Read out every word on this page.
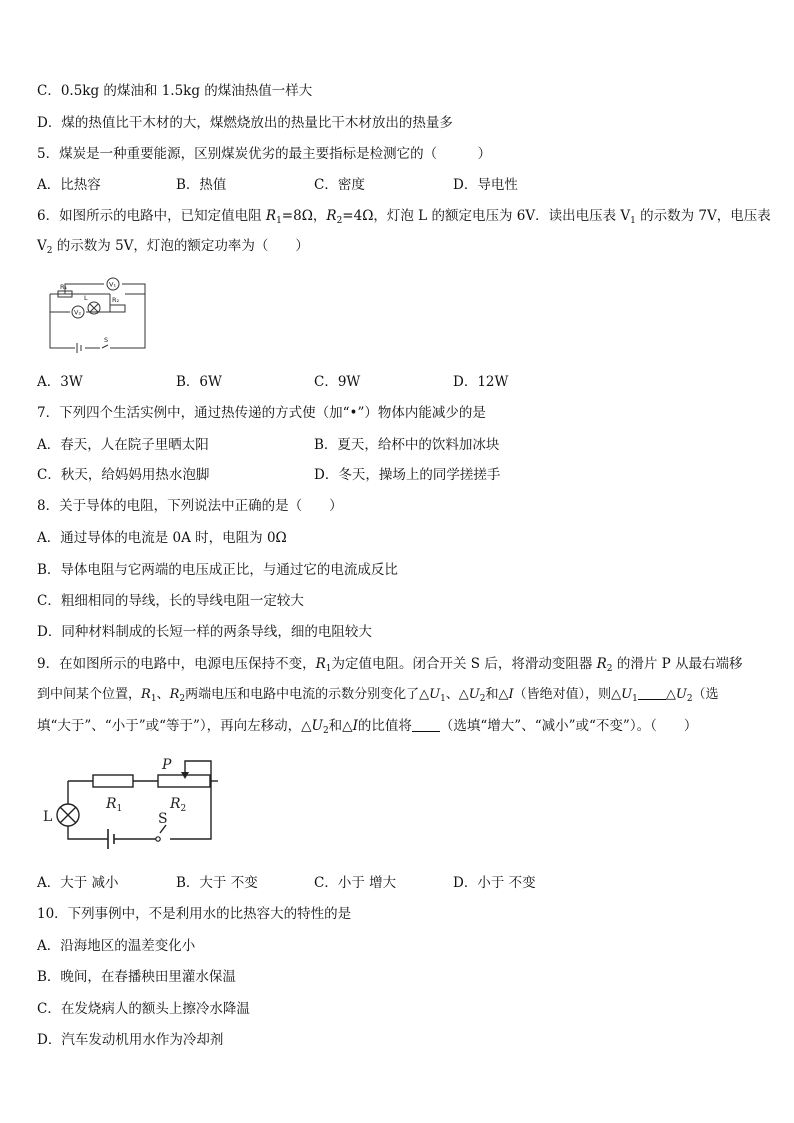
C．0.5kg 的煤油和 1.5kg 的煤油热值一样大
D．煤的热值比干木材的大，煤燃烧放出的热量比干木材放出的热量多
5．煤炭是一种重要能源，区别煤炭优劣的最主要指标是检测它的（　　　）
A．比热容	B．热值	C．密度	D．导电性
6．如图所示的电路中，已知定值电阻 $R_1=8\Omega$，$R_2=4\Omega$，灯泡 L 的额定电压为 6V．读出电压表 $V_1$ 的示数为 7V，电压表
$V_2$ 的示数为 5V，灯泡的额定功率为（　　）
R₁
R₂
L
V₁
V₂
S
A．3W	B．6W	C．9W	D．12W
7．下列四个生活实例中，通过热传递的方式使（加“•”）物体内能减少的是
A．春天，人在院子里晒太阳	B．夏天，给杯中的饮料加冰块
C．秋天，给妈妈用热水泡脚	D．冬天，操场上的同学搓搓手
8．关于导体的电阻，下列说法中正确的是（　　）
A．通过导体的电流是 0A 时，电阻为 0Ω
B．导体电阻与它两端的电压成正比，与通过它的电流成反比
C．粗细相同的导线，长的导线电阻一定较大
D．同种材料制成的长短一样的两条导线，细的电阻较大
9．在如图所示的电路中，电源电压保持不变，$R_1$为定值电阻。闭合开关 S 后，将滑动变阻器 $R_2$ 的滑片 P 从最右端移
到中间某个位置，$R_1$、$R_2$两端电压和电路中电流的示数分别变化了$\triangle U_1$、$\triangle U_2$和△I（皆绝对值），则$\triangle U_1$ $\triangle U_2$（选
填“大于”、“小于”或“等于”），再向左移动，$\triangle U_2$和△I的比值将 （选填“增大”、“减小”或“不变”）。（　　）
P
$R_1$	$R_2$
L	S
A．大于 减小	B．大于 不变	C．小于 增大	D．小于 不变
10．下列事例中，不是利用水的比热容大的特性的是
A．沿海地区的温差变化小
B．晚间，在春播秧田里灌水保温
C．在发烧病人的额头上擦冷水降温
D．汽车发动机用水作为冷却剂
